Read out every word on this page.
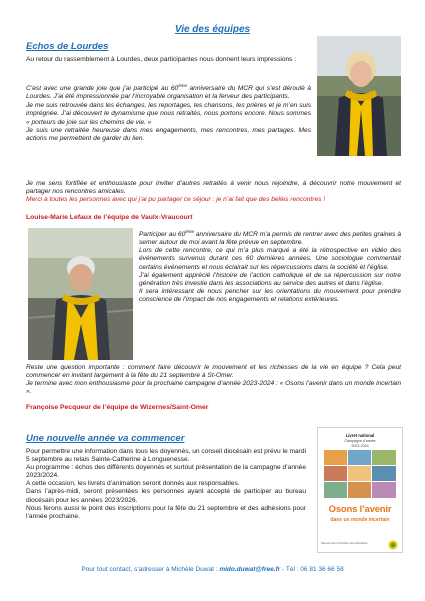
Vie des équipes
Echos de Lourdes
Au retour du rassemblement à Lourdes, deux participantes nous donnent leurs impressions :

C’est avec une grande joie que j’ai participé au 60ème anniversaire du MCR qui s’est déroulé à Lourdes. J’ai été impressionnée par l’incroyable organisation et la ferveur des participants.

Je me suis retrouvée dans les échanges, les reportages, les chansons, les prières et je m’en suis imprégnée. J’ai découvert le dynamisme que nous retraités, nous portons encore. Nous sommes « porteurs de joie sur les chemins de vie. »

Je suis une retraitée heureuse dans mes engagements, mes rencontres, mes partages. Mes actions me permettent de garder du lien.

Je me sens fortifiée et enthousiaste pour inviter d’autres retraités à venir nous rejoindre, à découvrir notre mouvement et partager nos rencontres amicales.

Merci à toutes les personnes avec qui j’ai pu partager ce séjour : je n’ai fait que des belles rencontres !

Louise-Marie Lefaux de l’équipe de Vaulx-Vraucourt

Participer au 60ème anniversaire du MCR m’a permis de rentrer avec des petites graines à semer autour de moi avant la fête prévue en septembre.

Lors de cette rencontre, ce qui m’a plus marqué a été la rétrospective en vidéo des événements survenus durant ces 60 dernières années. Une sociologue commentait certains événements et nous éclairait sur les répercussions dans la société et l’église.

J’ai également apprécié l’histoire de l’action catholique et de sa répercussion sur notre génération très investie dans les associations au service des autres et dans l’église.

Il sera intéressant de nous pencher sur les orientations du mouvement pour prendre conscience de l’impact de nos engagements et relations extérieures.

Reste une question importante : comment faire découvrir le mouvement et les richesses de la vie en équipe ? Cela peut commencer en invitant largement à la fête du 21 septembre à St-Omer.

Je termine avec mon enthousiasme pour la prochaine campagne d’année 2023-2024 : « Osons l’avenir dans un monde incertain ».

Françoise Pecqueur de l’équipe de Wizernes/Saint-Omer
Une nouvelle année va commencer

Pour permettre une information dans tous les doyennés, un conseil diocésain est prévu le mardi 5 septembre au relais Sainte-Catherine à Longuenesse.

Au programme : échos des différents doyennés et surtout présentation de la campagne d’année 2023/2024.

A cette occasion, les livrets d’animation seront donnés aux responsables.

Dans l’après-midi, seront présentées les personnes ayant accepté de participer au bureau diocésain pour les années 2023/2026.

Nous ferons aussi le point des inscriptions pour la fête du 21 septembre et des adhésions pour l’année prochaine.

Livret national
Campagne d’année
2023-2024
Osons l’avenir
dans un monde incertain
Mouvement Chrétien des Retraités
Pour tout contact, s’adresser à Michèle Duwat : mido.duwat@free.fr - Tél : 06 81 36 66 58
